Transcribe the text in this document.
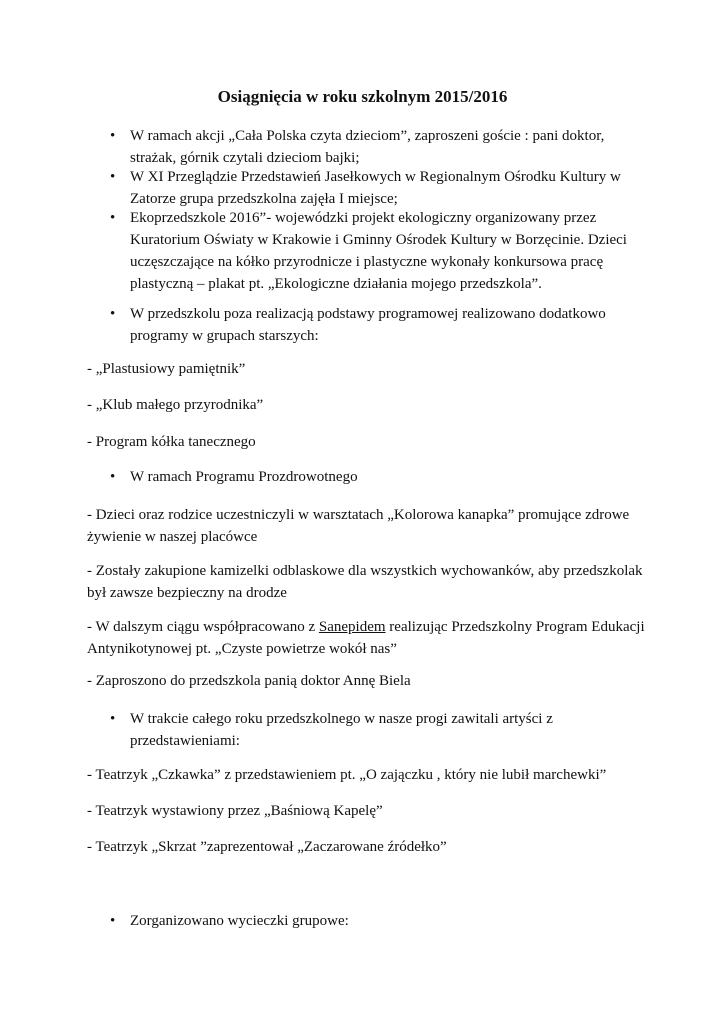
Osiągnięcia w roku szkolnym 2015/2016
• W ramach akcji „Cała Polska czyta dzieciom”, zaproszeni goście : pani doktor, strażak, górnik czytali dzieciom bajki;
• W XI Przeglądzie Przedstawień Jasełkowych w Regionalnym Ośrodku Kultury w Zatorze grupa przedszkolna zajęła I miejsce;
• Ekoprzedszkole 2016”- wojewódzki projekt ekologiczny organizowany przez Kuratorium Oświaty w Krakowie i Gminny Ośrodek Kultury w Borzęcinie. Dzieci uczęszczające na kółko przyrodnicze i plastyczne wykonały konkursowa pracę plastyczną – plakat pt. „Ekologiczne działania mojego przedszkola”.
• W przedszkolu poza realizacją podstawy programowej realizowano dodatkowo programy w grupach starszych:
- „Plastusiowy pamiętnik”
- „Klub małego przyrodnika”
- Program kółka tanecznego
• W ramach Programu Prozdrowotnego
- Dzieci oraz rodzice uczestniczyli w warsztatach „Kolorowa kanapka” promujące zdrowe żywienie w naszej placówce
- Zostały zakupione kamizelki odblaskowe dla wszystkich wychowanków, aby przedszkolak był zawsze bezpieczny na drodze
- W dalszym ciągu współpracowano z Sanepidem realizując Przedszkolny Program Edukacji Antynikotynowej pt. „Czyste powietrze wokół nas”
- Zaproszono do przedszkola panią doktor Annę Biela
• W trakcie całego roku przedszkolnego w nasze progi zawitali artyści z przedstawieniami:
- Teatrzyk „Czkawka” z przedstawieniem pt. „O zajączku , który nie lubił marchewki”
- Teatrzyk wystawiony przez „Baśniową Kapelę”
- Teatrzyk „Skrzat ”zaprezentował „Zaczarowane źródełko”
• Zorganizowano wycieczki grupowe:
